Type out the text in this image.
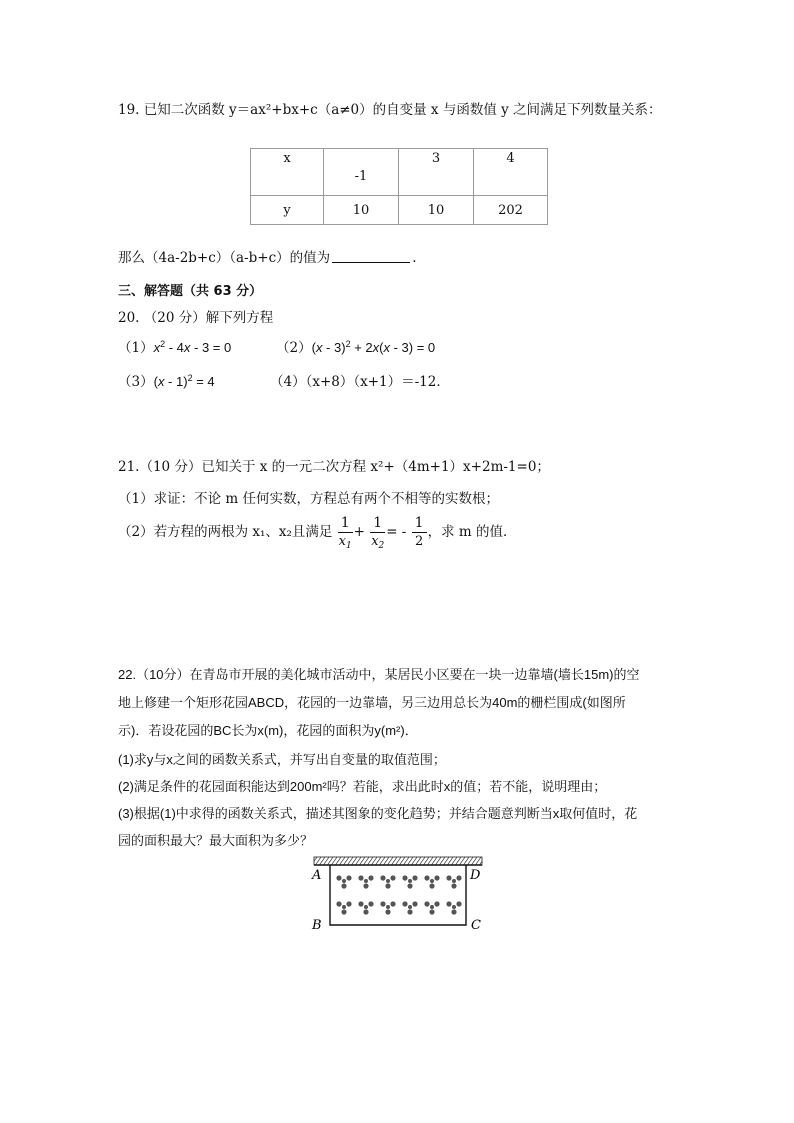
19. 已知二次函数 y＝ax²+bx+c（a≠0）的自变量 x 与函数值 y 之间满足下列数量关系：
x	-1	3	4
y	10	10	202
那么（4a-2b+c）（a-b+c）的值为	.
三、解答题（共 63 分）
20. （20 分）解下列方程
$(1)x^2 - 4x - 3 = 0$	（2）(x - 3)$^2$ + 2x(x - 3) = 0
（3）(x - 1)$^2$ = 4	（4）（x+8）（x+1）＝-12．
21.（10 分）已知关于 x 的一元二次方程 x²+（4m+1）x+2m-1=0；
（1）求证：不论 m 任何实数，方程总有两个不相等的实数根；
（2）若方程的两根为 x₁、x₂且满足 $\frac{1}{x_1} + \frac{1}{x_2}$ = - $\frac{1}{2}$ ，求 m 的值．
22.（10分）在青岛市开展的美化城市活动中，某居民小区要在一块一边靠墙(墙长15m)的空
地上修建一个矩形花园ABCD，花园的一边靠墙，另三边用总长为40m的栅栏围成(如图所
示)．若设花园的BC长为x(m)，花园的面积为y(m²)．
(1)求y与x之间的函数关系式，并写出自变量的取值范围；
(2)满足条件的花园面积能达到200m²吗？若能，求出此时x的值；若不能，说明理由；
(3)根据(1)中求得的函数关系式，描述其图象的变化趋势；并结合题意判断当x取何值时，花
园的面积最大？最大面积为多少？
A	D
B	C
